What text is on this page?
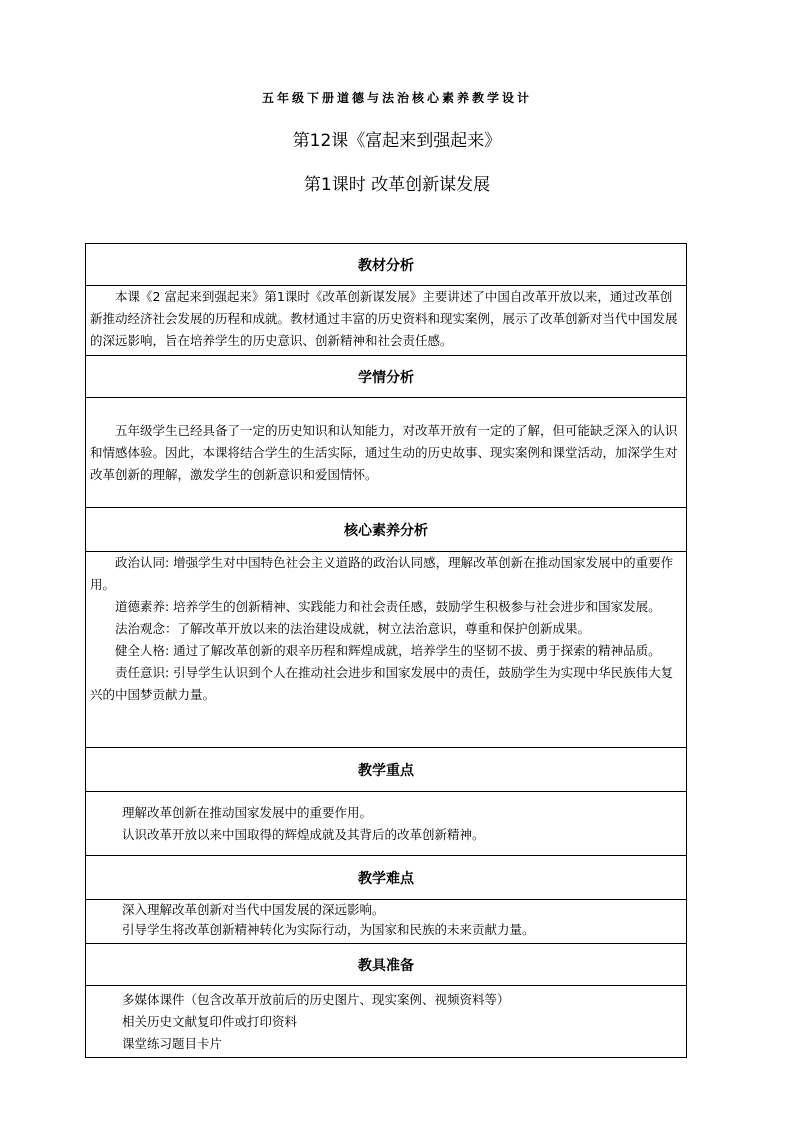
五年级下册道德与法治核心素养教学设计
第12课《富起来到强起来》
第1课时 改革创新谋发展
教材分析

本课《2 富起来到强起来》第1课时《改革创新谋发展》主要讲述了中国自改革开放以来，通过改革创新推动经济社会发展的历程和成就。教材通过丰富的历史资料和现实案例，展示了改革创新对当代中国发展的深远影响，旨在培养学生的历史意识、创新精神和社会责任感。

学情分析

五年级学生已经具备了一定的历史知识和认知能力，对改革开放有一定的了解，但可能缺乏深入的认识和情感体验。因此，本课将结合学生的生活实际，通过生动的历史故事、现实案例和课堂活动，加深学生对改革创新的理解，激发学生的创新意识和爱国情怀。

核心素养分析

政治认同: 增强学生对中国特色社会主义道路的政治认同感，理解改革创新在推动国家发展中的重要作用。

道德素养: 培养学生的创新精神、实践能力和社会责任感，鼓励学生积极参与社会进步和国家发展。

法治观念：了解改革开放以来的法治建设成就，树立法治意识，尊重和保护创新成果。

健全人格: 通过了解改革创新的艰辛历程和辉煌成就，培养学生的坚韧不拔、勇于探索的精神品质。

责任意识: 引导学生认识到个人在推动社会进步和国家发展中的责任，鼓励学生为实现中华民族伟大复兴的中国梦贡献力量。

教学重点

理解改革创新在推动国家发展中的重要作用。

认识改革开放以来中国取得的辉煌成就及其背后的改革创新精神。

教学难点

深入理解改革创新对当代中国发展的深远影响。

引导学生将改革创新精神转化为实际行动，为国家和民族的未来贡献力量。

教具准备

多媒体课件（包含改革开放前后的历史图片、现实案例、视频资料等）

相关历史文献复印件或打印资料

课堂练习题目卡片
